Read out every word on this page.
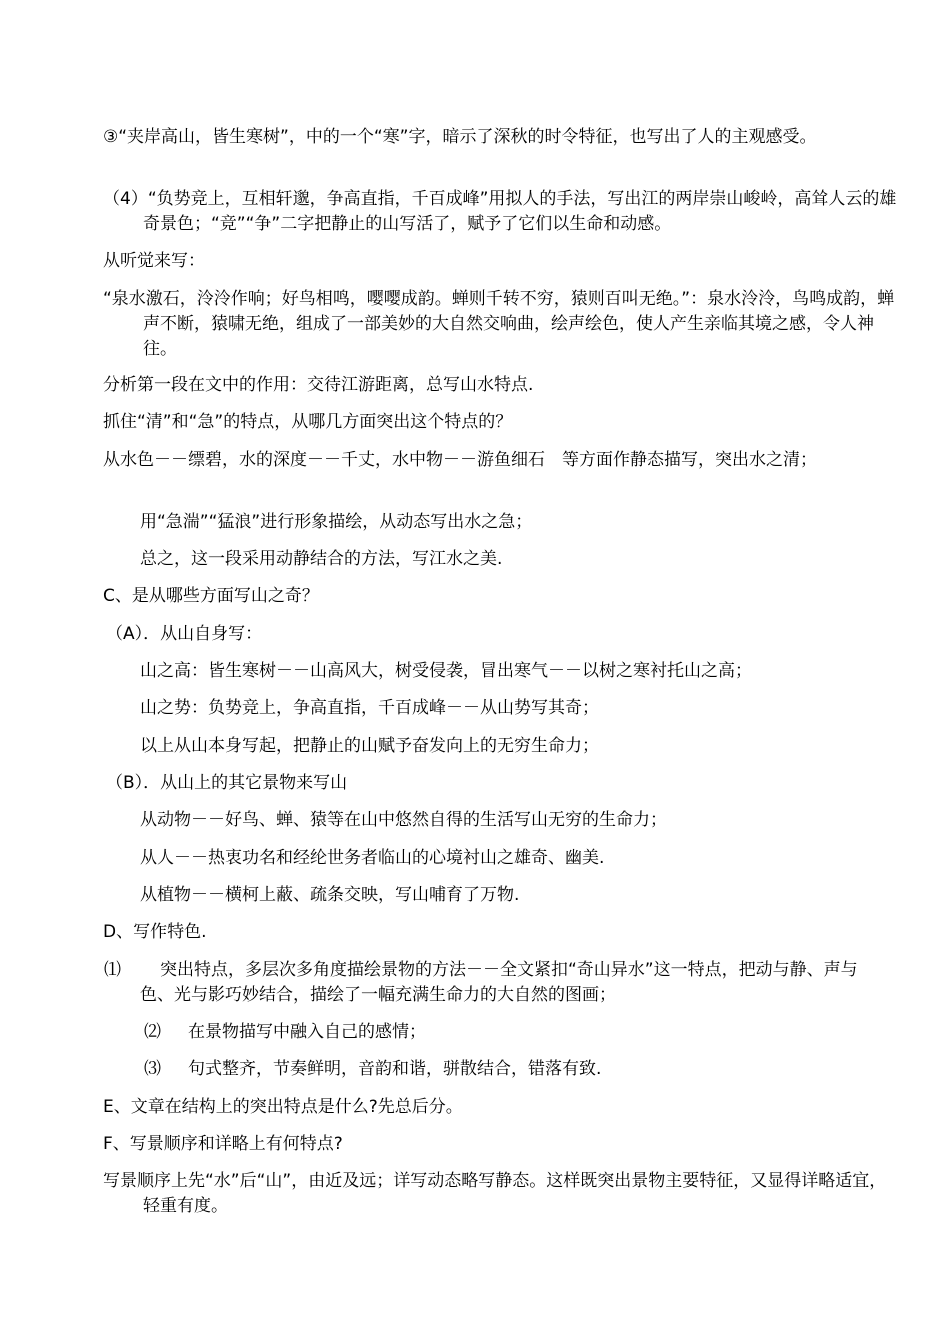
③“夹岸高山，皆生寒树”，中的一个“寒”字，暗示了深秋的时令特征，也写出了人的主观感受。
（4）“负势竞上，互相轩邈，争高直指，千百成峰”用拟人的手法，写出江的两岸崇山峻岭，高耸人云的雄奇景色；“竞”“争”二字把静止的山写活了，赋予了它们以生命和动感。
从听觉来写：
“泉水激石，泠泠作响；好鸟相鸣，嘤嘤成韵。蝉则千转不穷，猿则百叫无绝。”：泉水泠泠，鸟鸣成韵，蝉声不断，猿啸无绝，组成了一部美妙的大自然交响曲，绘声绘色，使人产生亲临其境之感，令人神往。
分析第一段在文中的作用：交待江游距离，总写山水特点.
抓住“清”和“急”的特点，从哪几方面突出这个特点的？
从水色－－缥碧，水的深度－－千丈，水中物－－游鱼细石　等方面作静态描写，突出水之清；
用“急湍”“猛浪”进行形象描绘，从动态写出水之急；
总之，这一段采用动静结合的方法，写江水之美.
C、是从哪些方面写山之奇？
（A）．从山自身写：
山之高：皆生寒树－－山高风大，树受侵袭，冒出寒气－－以树之寒衬托山之高；
山之势：负势竞上，争高直指，千百成峰－－从山势写其奇；
以上从山本身写起，把静止的山赋予奋发向上的无穷生命力；
（B）．从山上的其它景物来写山
从动物－－好鸟、蝉、猿等在山中悠然自得的生活写山无穷的生命力；
从人－－热衷功名和经纶世务者临山的心境衬山之雄奇、幽美.
从植物－－横柯上蔽、疏条交映，写山哺育了万物.
D、写作特色.
⑴ 突出特点，多层次多角度描绘景物的方法－－全文紧扣“奇山异水”这一特点，把动与静、声与色、光与影巧妙结合，描绘了一幅充满生命力的大自然的图画；
⑵ 在景物描写中融入自己的感情；
⑶ 句式整齐，节奏鲜明，音韵和谐，骈散结合，错落有致.
E、文章在结构上的突出特点是什么?先总后分。
F、写景顺序和详略上有何特点?
写景顺序上先“水”后“山”，由近及远；详写动态略写静态。这样既突出景物主要特征，又显得详略适宜，轻重有度。
